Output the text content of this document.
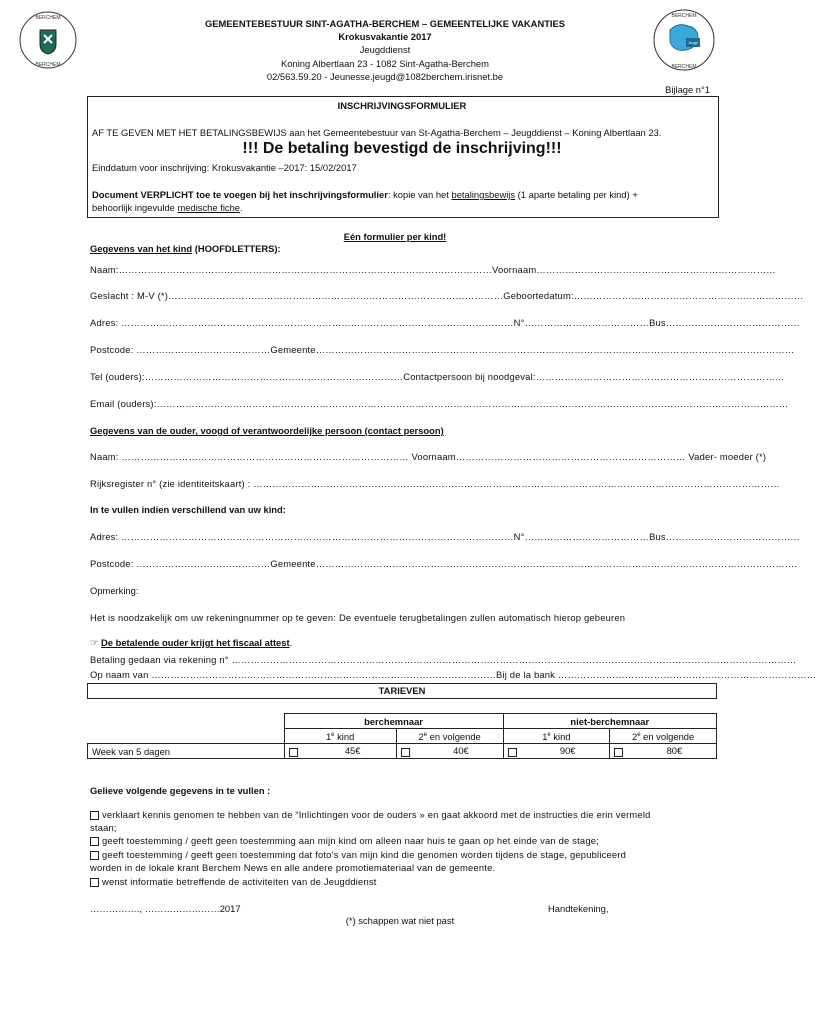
BERCHEM
BERCHEM
Jeugd
BERCHEM
BERCHEM
GEMEENTEBESTUUR SINT-AGATHA-BERCHEM – GEMEENTELIJKE VAKANTIES
Krokusvakantie 2017
Jeugddienst
Koning Albertlaan 23 - 1082 Sint-Agatha-Berchem
02/563.59.20 - Jeunesse.jeugd@1082berchem.irisnet.be
Bijlage n°1
INSCHRIJVINGSFORMULIER
AF TE GEVEN MET HET BETALINGSBEWIJS aan het Gemeentebestuur van St-Agatha-Berchem – Jeugddienst – Koning Albertlaan 23.
!!! De betaling bevestigd de inschrijving!!!
Einddatum voor inschrijving: Krokusvakantie –2017: 15/02/2017
Document VERPLICHT toe te voegen bij het inschrijvingsformulier: kopie van het betalingsbewijs (1 aparte betaling per kind) +
behoorlijk ingevulde medische fiche.
Eén formulier per kind!
Gegevens van het kind (HOOFDLETTERS):
Naam:………………………………………………………………………………………………………Voornaam…………………………………………………………………
Geslacht : M-V (*)……………………………………………………………………………………………Geboortedatum:………………………………………………………………
Adres: ……………………………………………………………………………………………………………N°…………………………………Bus……………………………………
Postcode: ……………………………………Gemeente……………………………………………………………………………………………………………………………………
Tel (ouders):………………………………………………………………………Contactpersoon bij noodgeval:……………………………………………………………………
Email (ouders):………………………………………………………………………………………………………………………………………………………………………………
Gegevens van de ouder, voogd of verantwoordelijke persoon (contact persoon)
Naam: ……………………………………………………………………………… Voornaam……………………………………………………………… Vader- moeder (*)
Rijksregister n° (zie identiteitskaart) : …………………………………………………………………………………………………………………………………………………
In te vullen indien verschillend van uw kind:
Adres: ……………………………………………………………………………………………………………N°…………………………………Bus……………………………………
Postcode: ……………………………………Gemeente…………………………………………………………………………………………………………………………………….
Opmerking:
Het is noodzakelijk om uw rekeningnummer op te geven: De eventuele terugbetalingen zullen automatisch hierop gebeuren
☞ De betalende ouder krijgt het fiscaal attest.
Betaling gedaan via rekening n° ……………………………………………………………………………………………………………………………………………………………
Op naam van ………………………………………………………………………………………………Bij de la bank ………………………………………………………………………
TARIEVEN
	berchemnaar		niet-berchemnaar	
	1e kind	2e en volgende	1e kind	2e en volgende
Week van 5 dagen	45€	40€	90€	80€
Gelieve volgende gegevens in te vullen :
verklaart kennis genomen te hebben van de “Inlichtingen voor de ouders » en gaat akkoord met de instructies die erin vermeld
staan;
geeft toestemming / geeft geen toestemming aan mijn kind om alleen naar huis te gaan op het einde van de stage;
geeft toestemming / geeft geen toestemming dat foto’s van mijn kind die genomen worden tijdens de stage, gepubliceerd
worden in de lokale krant Berchem News en alle andere promotiemateriaal van de gemeente.
wenst informatie betreffende de activiteiten van de Jeugddienst
……………., ……………………2017	Handtekening,
(*) schappen wat niet past
